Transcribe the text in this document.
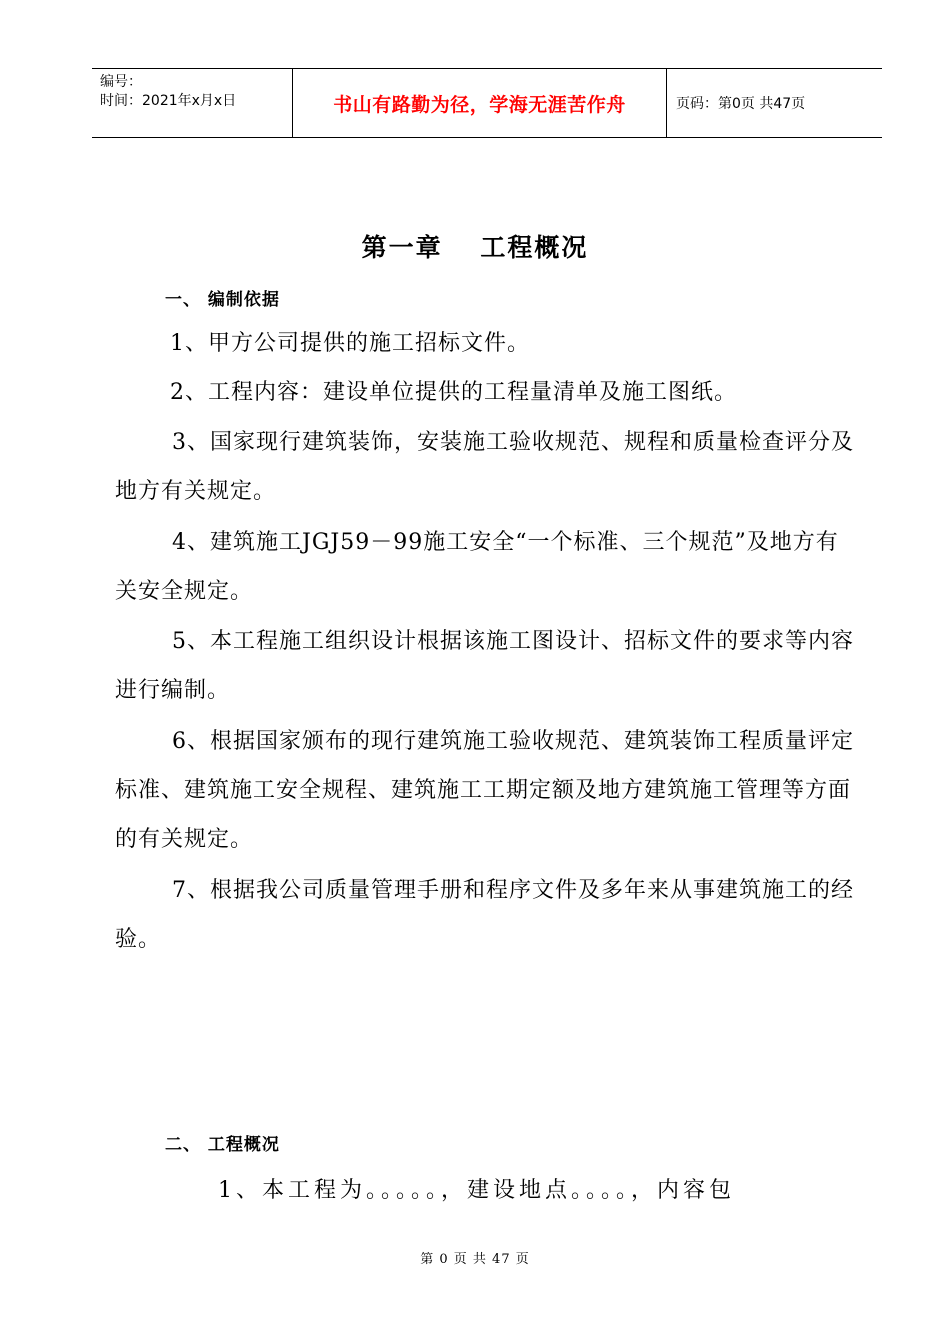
编号：
时间：2021年x月x日	书山有路勤为径，学海无涯苦作舟	页码：第0页 共47页
第一章　 工程概况
一、 编制依据
1、甲方公司提供的施工招标文件。
2、工程内容：建设单位提供的工程量清单及施工图纸。
3、国家现行建筑装饰，安装施工验收规范、规程和质量检查评分及地方有关规定。
4、建筑施工JGJ59－99施工安全“一个标准、三个规范”及地方有关安全规定。
5、本工程施工组织设计根据该施工图设计、招标文件的要求等内容进行编制。
6、根据国家颁布的现行建筑施工验收规范、建筑装饰工程质量评定标准、建筑施工安全规程、建筑施工工期定额及地方建筑施工管理等方面的有关规定。
7、根据我公司质量管理手册和程序文件及多年来从事建筑施工的经验。
二、 工程概况
1、本工程为。。。。。，建设地点。。。。，内容包
第 0 页 共 47 页
